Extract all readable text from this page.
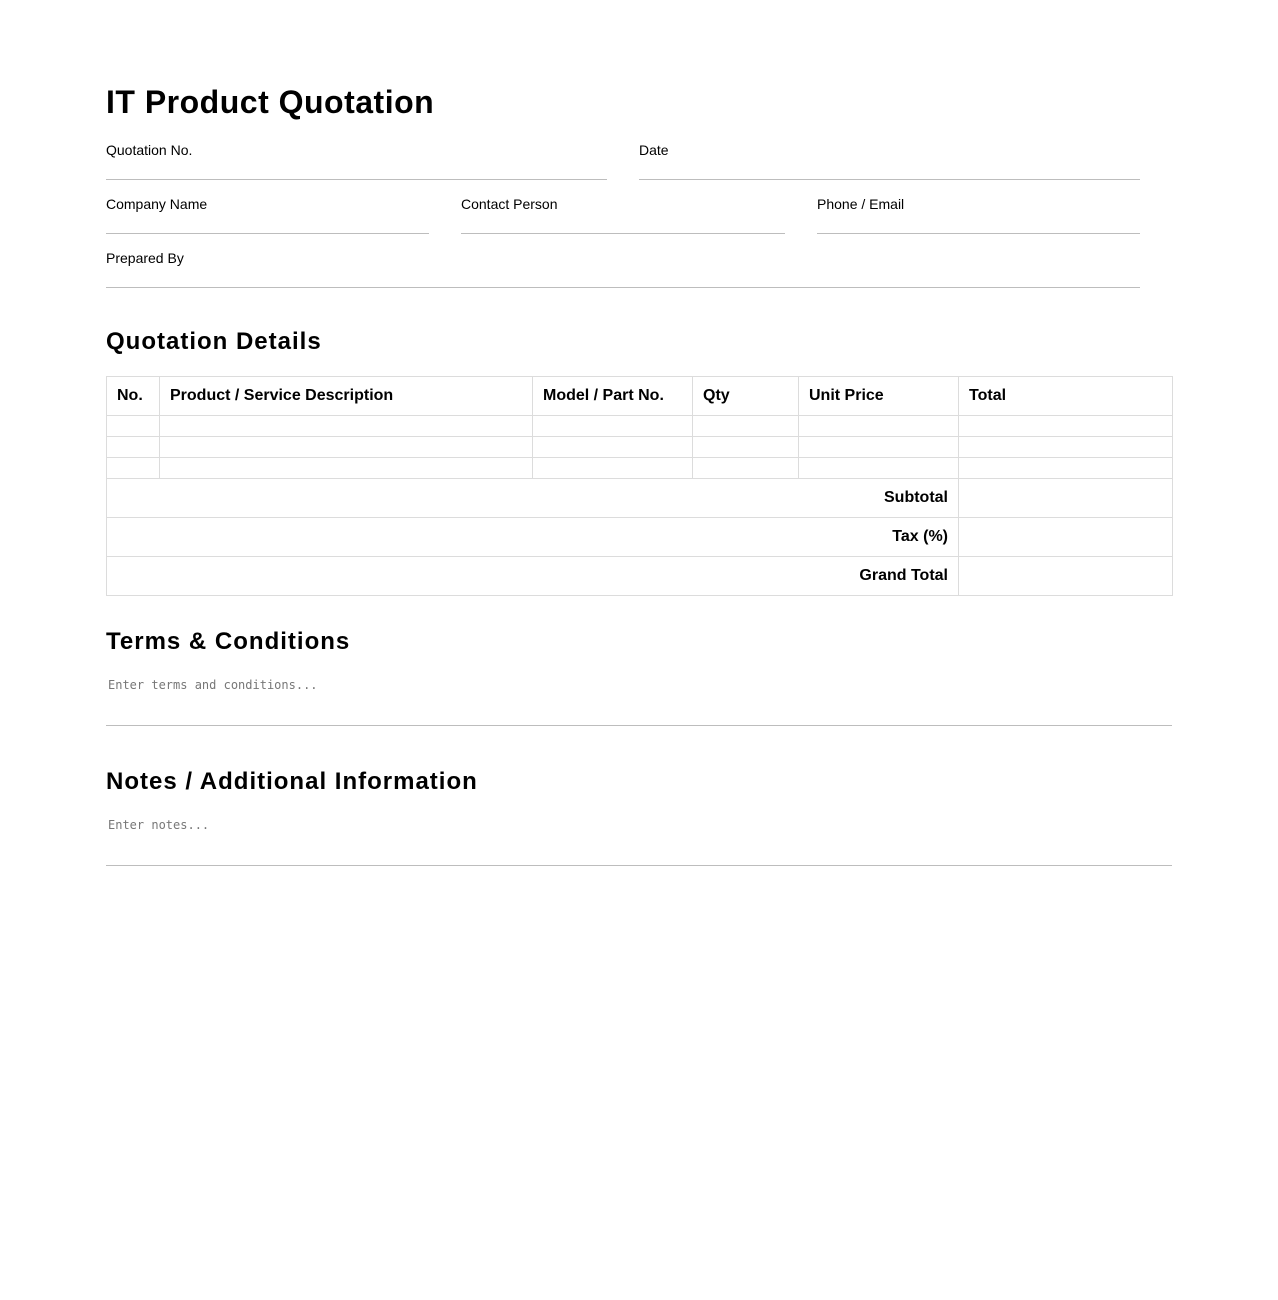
IT Product Quotation
Quotation No.	Date
Company Name	Contact Person	Phone / Email
Prepared By
Quotation Details
No.	Product / Service Description	Model / Part No.	Qty	Unit Price	Total

Subtotal					
Tax (%)					
Grand Total					
Terms & Conditions
Enter terms and conditions...
Notes / Additional Information
Enter notes...
